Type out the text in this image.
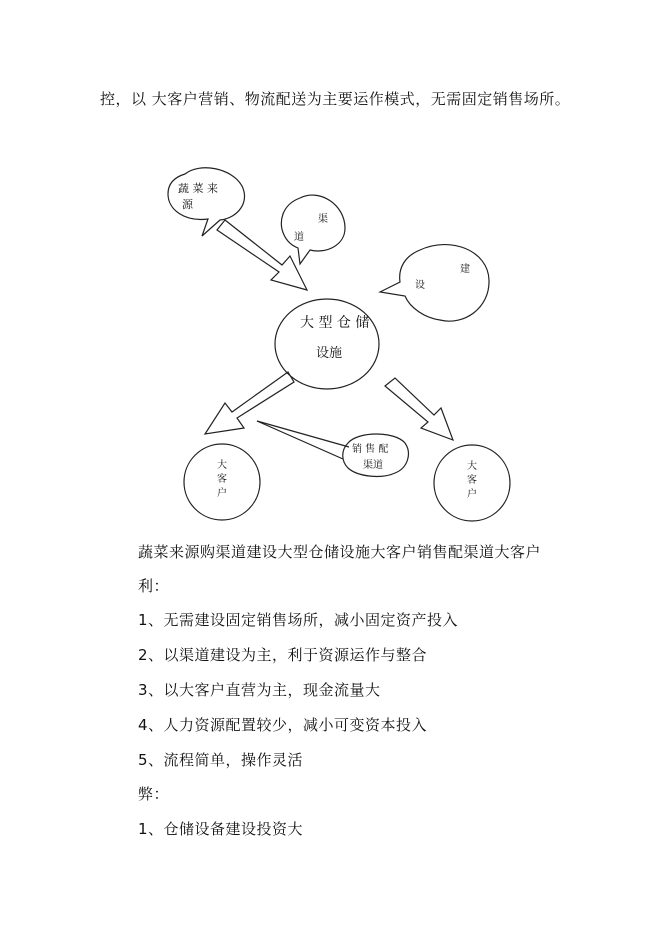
控，以 大客户营销、物流配送为主要运作模式，无需固定销售场所。
蔬 菜 来
源
渠
道
建
设
大 型 仓 储
设施
销 售 配
渠道
大
客
户
大
客
户
蔬菜来源购渠道建设大型仓储设施大客户销售配渠道大客户
利：
1、无需建设固定销售场所，减小固定资产投入
2、以渠道建设为主，利于资源运作与整合
3、以大客户直营为主，现金流量大
4、人力资源配置较少，减小可变资本投入
5、流程简单，操作灵活
弊：
1、仓储设备建设投资大
